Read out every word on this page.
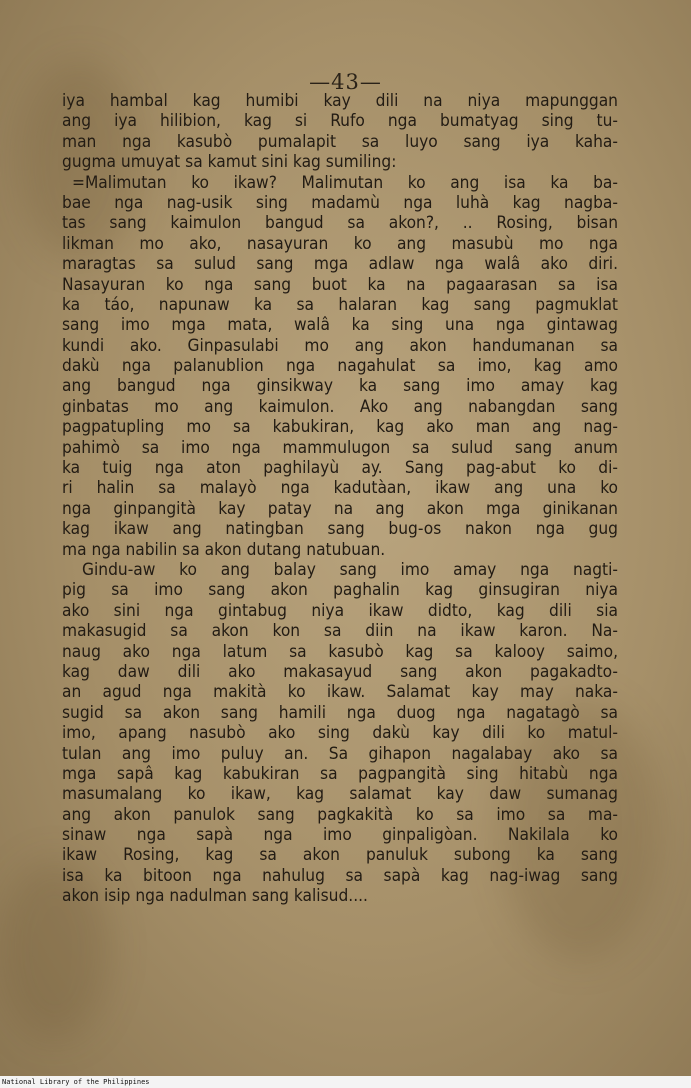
—43—
iya hambal kag humibi kay dili na niya mapunggan
ang iya hilibion, kag si Rufo nga bumatyag sing tu-
man nga kasubò pumalapit sa luyo sang iya kaha-
gugma umuyat sa kamut sini kag sumiling:
=Malimutan ko ikaw? Malimutan ko ang isa ka ba-
bae nga nag-usik sing madamù nga luhà kag nagba-
tas sang kaimulon bangud sa akon?, .. Rosing, bisan
likman mo ako, nasayuran ko ang masubù mo nga
maragtas sa sulud sang mga adlaw nga walâ ako diri.
Nasayuran ko nga sang buot ka na pagaarasan sa isa
ka táo, napunaw ka sa halaran kag sang pagmuklat
sang imo mga mata, walâ ka sing una nga gintawag
kundi ako. Ginpasulabi mo ang akon handumanan sa
dakù nga palanublion nga nagahulat sa imo, kag amo
ang bangud nga ginsikway ka sang imo amay kag
ginbatas mo ang kaimulon. Ako ang nabangdan sang
pagpatupling mo sa kabukiran, kag ako man ang nag-
pahimò sa imo nga mammulugon sa sulud sang anum
ka tuig nga aton paghilayù ay. Sang pag-abut ko di-
ri halin sa malayò nga kadutàan, ikaw ang una ko
nga ginpangità kay patay na ang akon mga ginikanan
kag ikaw ang natingban sang bug-os nakon nga gug
ma nga nabilin sa akon dutang natubuan.
Gindu-aw ko ang balay sang imo amay nga nagti-
pig sa imo sang akon paghalin kag ginsugiran niya
ako sini nga gintabug niya ikaw didto, kag dili sia
makasugid sa akon kon sa diin na ikaw karon. Na-
naug ako nga latum sa kasubò kag sa kalooy saimo,
kag daw dili ako makasayud sang akon pagakadto-
an agud nga makità ko ikaw. Salamat kay may naka-
sugid sa akon sang hamili nga duog nga nagatagò sa
imo, apang nasubò ako sing dakù kay dili ko matul-
tulan ang imo puluy an. Sa gihapon nagalabay ako sa
mga sapâ kag kabukiran sa pagpangità sing hitabù nga
masumalang ko ikaw, kag salamat kay daw sumanag
ang akon panulok sang pagkakità ko sa imo sa ma-
sinaw nga sapà nga imo ginpaligòan. Nakilala ko
ikaw Rosing, kag sa akon panuluk subong ka sang
isa ka bitoon nga nahulug sa sapà kag nag-iwag sang
akon isip nga nadulman sang kalisud....
National Library of the Philippines
